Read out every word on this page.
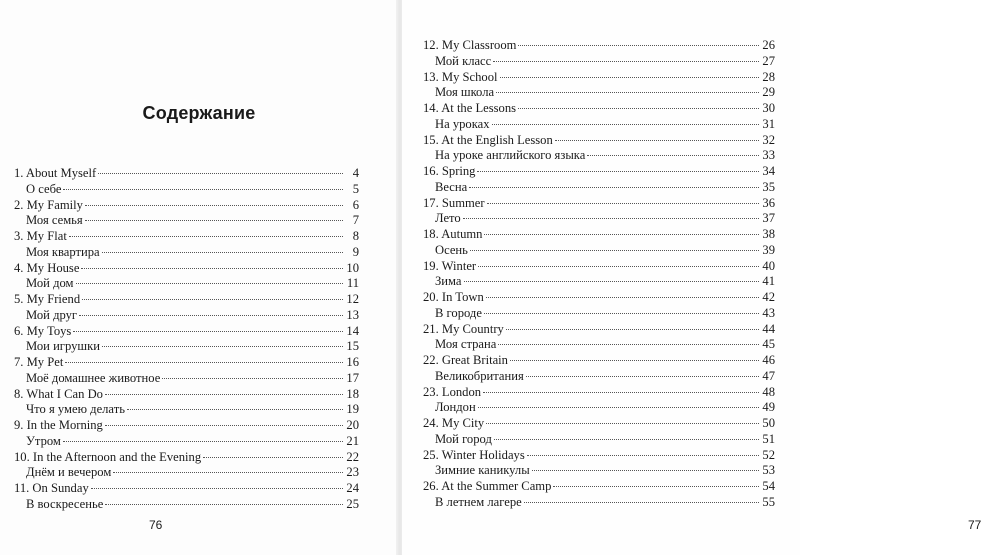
Содержание
1. About Myself	4
О себе	5
2. My Family	6
Моя семья	7
3. My Flat	8
Моя квартира	9
4. My House	10
Мой дом	11
5. My Friend	12
Мой друг	13
6. My Toys	14
Мои игрушки	15
7. My Pet	16
Моё домашнее животное	17
8. What I Can Do	18
Что я умею делать	19
9. In the Morning	20
Утром	21
10. In the Afternoon and the Evening	22
Днём и вечером	23
11. On Sunday	24
В воскресенье	25
76
12. My Classroom	26
Мой класс	27
13. My School	28
Моя школа	29
14. At the Lessons	30
На уроках	31
15. At the English Lesson	32
На уроке английского языка	33
16. Spring	34
Весна	35
17. Summer	36
Лето	37
18. Autumn	38
Осень	39
19. Winter	40
Зима	41
20. In Town	42
В городе	43
21. My Country	44
Моя страна	45
22. Great Britain	46
Великобритания	47
23. London	48
Лондон	49
24. My City	50
Мой город	51
25. Winter Holidays	52
Зимние каникулы	53
26. At the Summer Camp	54
В летнем лагере	55
77
